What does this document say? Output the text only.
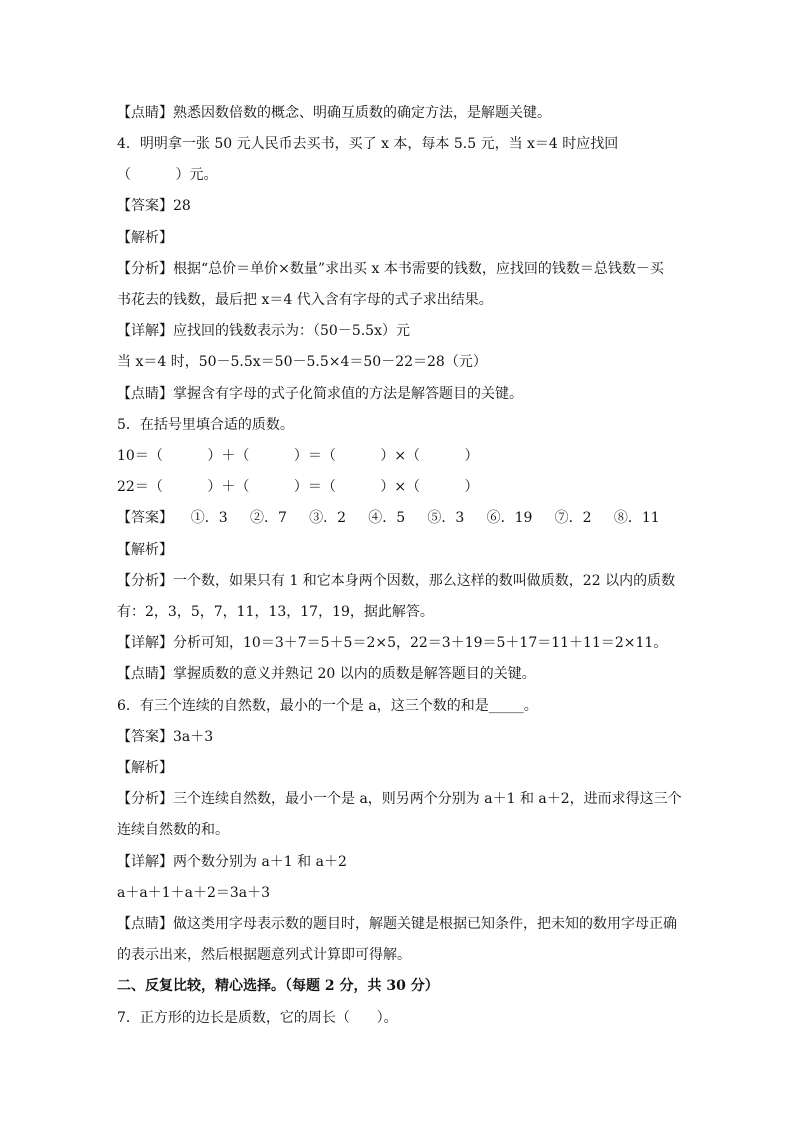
【点睛】熟悉因数倍数的概念、明确互质数的确定方法，是解题关键。
4．明明拿一张 50 元人民币去买书，买了 x 本，每本 5.5 元，当 x＝4 时应找回
（          ）元。
【答案】28
【解析】
【分析】根据“总价＝单价×数量”求出买 x 本书需要的钱数，应找回的钱数＝总钱数－买
书花去的钱数，最后把 x＝4 代入含有字母的式子求出结果。
【详解】应找回的钱数表示为：（50－5.5x）元
当 x＝4 时，50－5.5x＝50－5.5×4＝50－22＝28（元）
【点睛】掌握含有字母的式子化简求值的方法是解答题目的关键。
5．在括号里填合适的质数。
10＝（          ）＋（          ）＝（          ）×（          ）
22＝（          ）＋（          ）＝（          ）×（          ）
【答案】    ①．3     ②．7     ③．2     ④．5     ⑤．3     ⑥．19     ⑦．2     ⑧．11
【解析】
【分析】一个数，如果只有 1 和它本身两个因数，那么这样的数叫做质数，22 以内的质数
有：2，3，5，7，11，13，17，19，据此解答。
【详解】分析可知，10＝3＋7＝5＋5＝2×5，22＝3＋19＝5＋17＝11＋11＝2×11。
【点睛】掌握质数的意义并熟记 20 以内的质数是解答题目的关键。
6．有三个连续的自然数，最小的一个是 a，这三个数的和是_____。
【答案】3a＋3
【解析】
【分析】三个连续自然数，最小一个是 a，则另两个分别为 a＋1 和 a＋2，进而求得这三个
连续自然数的和。
【详解】两个数分别为 a＋1 和 a＋2
a＋a＋1＋a＋2＝3a＋3
【点睛】做这类用字母表示数的题目时，解题关键是根据已知条件，把未知的数用字母正确
的表示出来，然后根据题意列式计算即可得解。
二、反复比较，精心选择。（每题 2 分，共 30 分）
7．正方形的边长是质数，它的周长（      ）。
